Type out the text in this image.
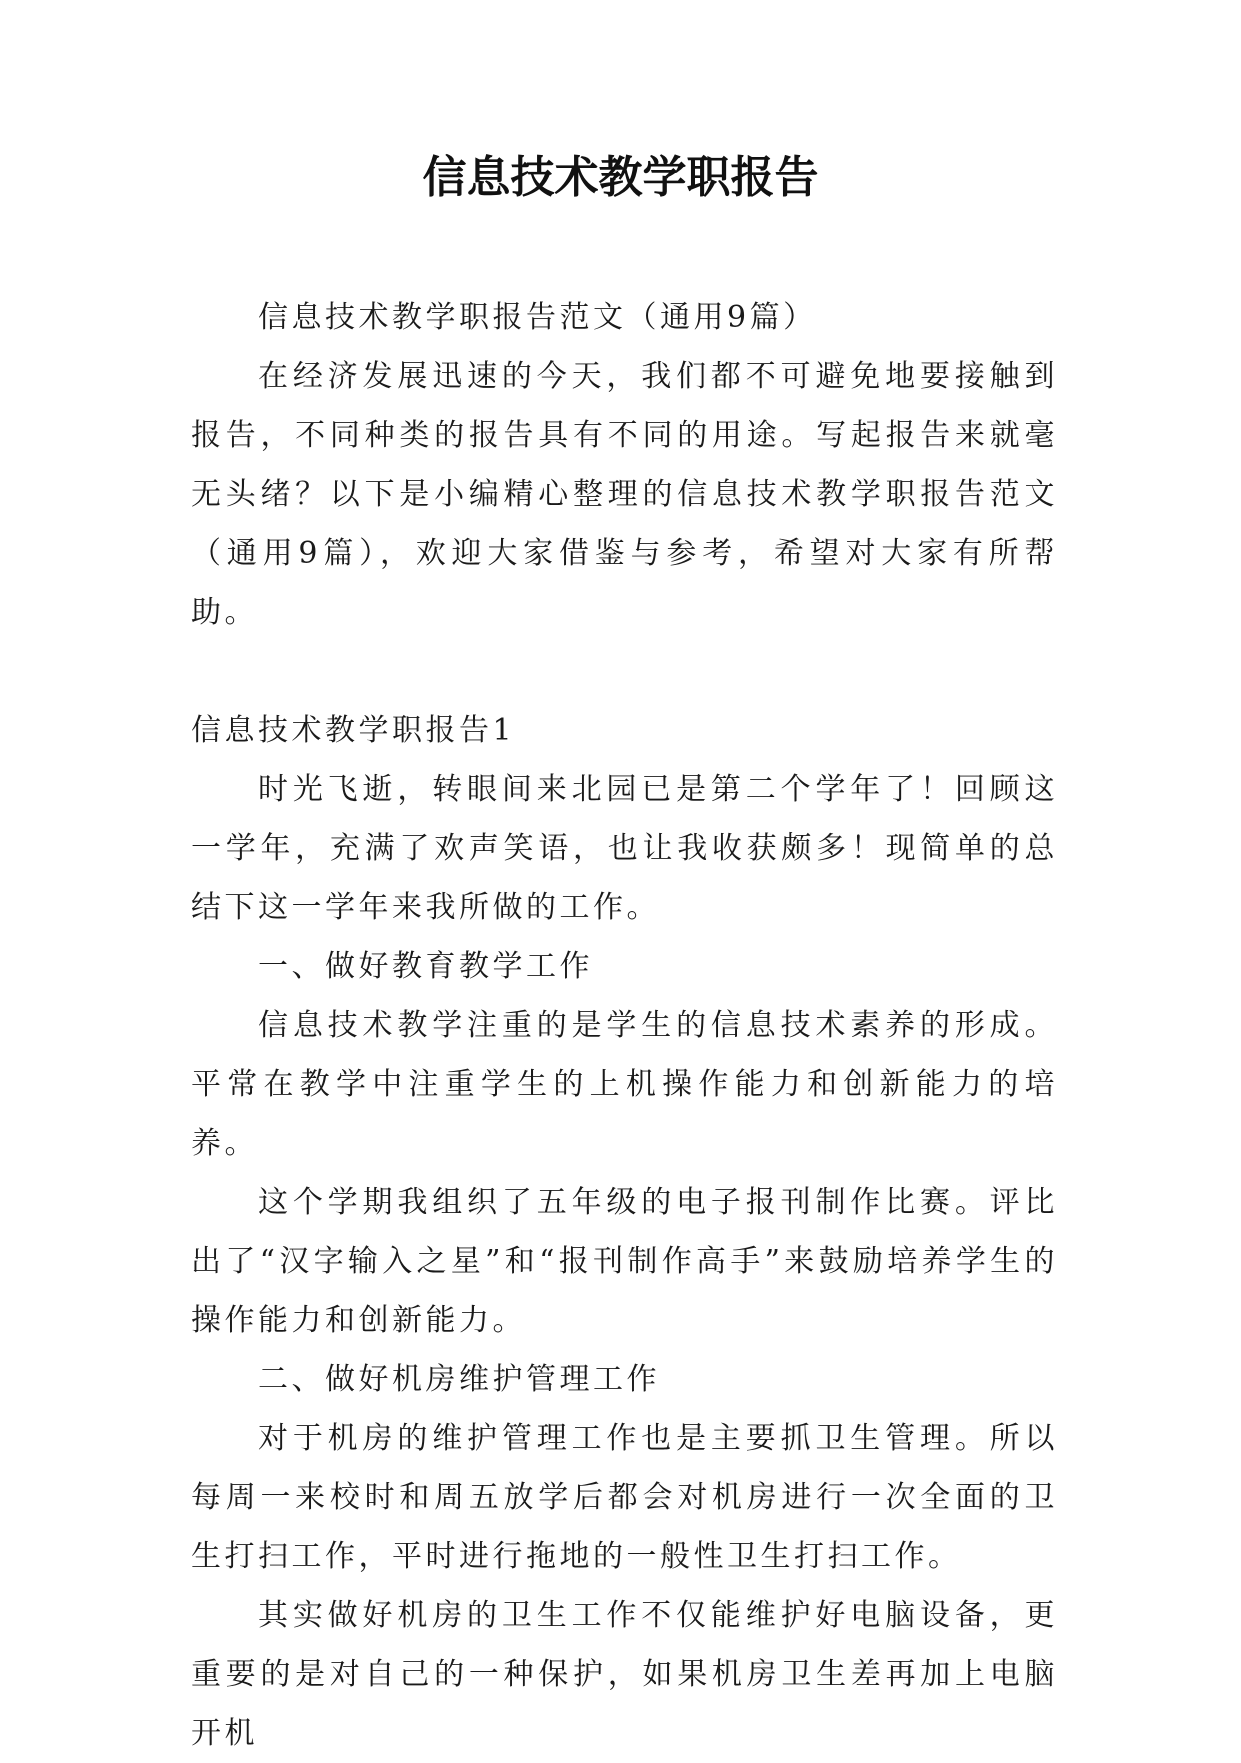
信息技术教学职报告

信息技术教学职报告范文（通用9篇）

在经济发展迅速的今天，我们都不可避免地要接触到报告，不同种类的报告具有不同的用途。写起报告来就毫无头绪？以下是小编精心整理的信息技术教学职报告范文（通用9篇），欢迎大家借鉴与参考，希望对大家有所帮助。

信息技术教学职报告1

时光飞逝，转眼间来北园已是第二个学年了！回顾这一学年，充满了欢声笑语，也让我收获颇多！现简单的总结下这一学年来我所做的工作。

一、做好教育教学工作

信息技术教学注重的是学生的信息技术素养的形成。平常在教学中注重学生的上机操作能力和创新能力的培养。

这个学期我组织了五年级的电子报刊制作比赛。评比出了“汉字输入之星”和“报刊制作高手”来鼓励培养学生的操作能力和创新能力。

二、做好机房维护管理工作

对于机房的维护管理工作也是主要抓卫生管理。所以每周一来校时和周五放学后都会对机房进行一次全面的卫生打扫工作，平时进行拖地的一般性卫生打扫工作。

其实做好机房的卫生工作不仅能维护好电脑设备，更重要的是对自己的一种保护，如果机房卫生差再加上电脑开机
